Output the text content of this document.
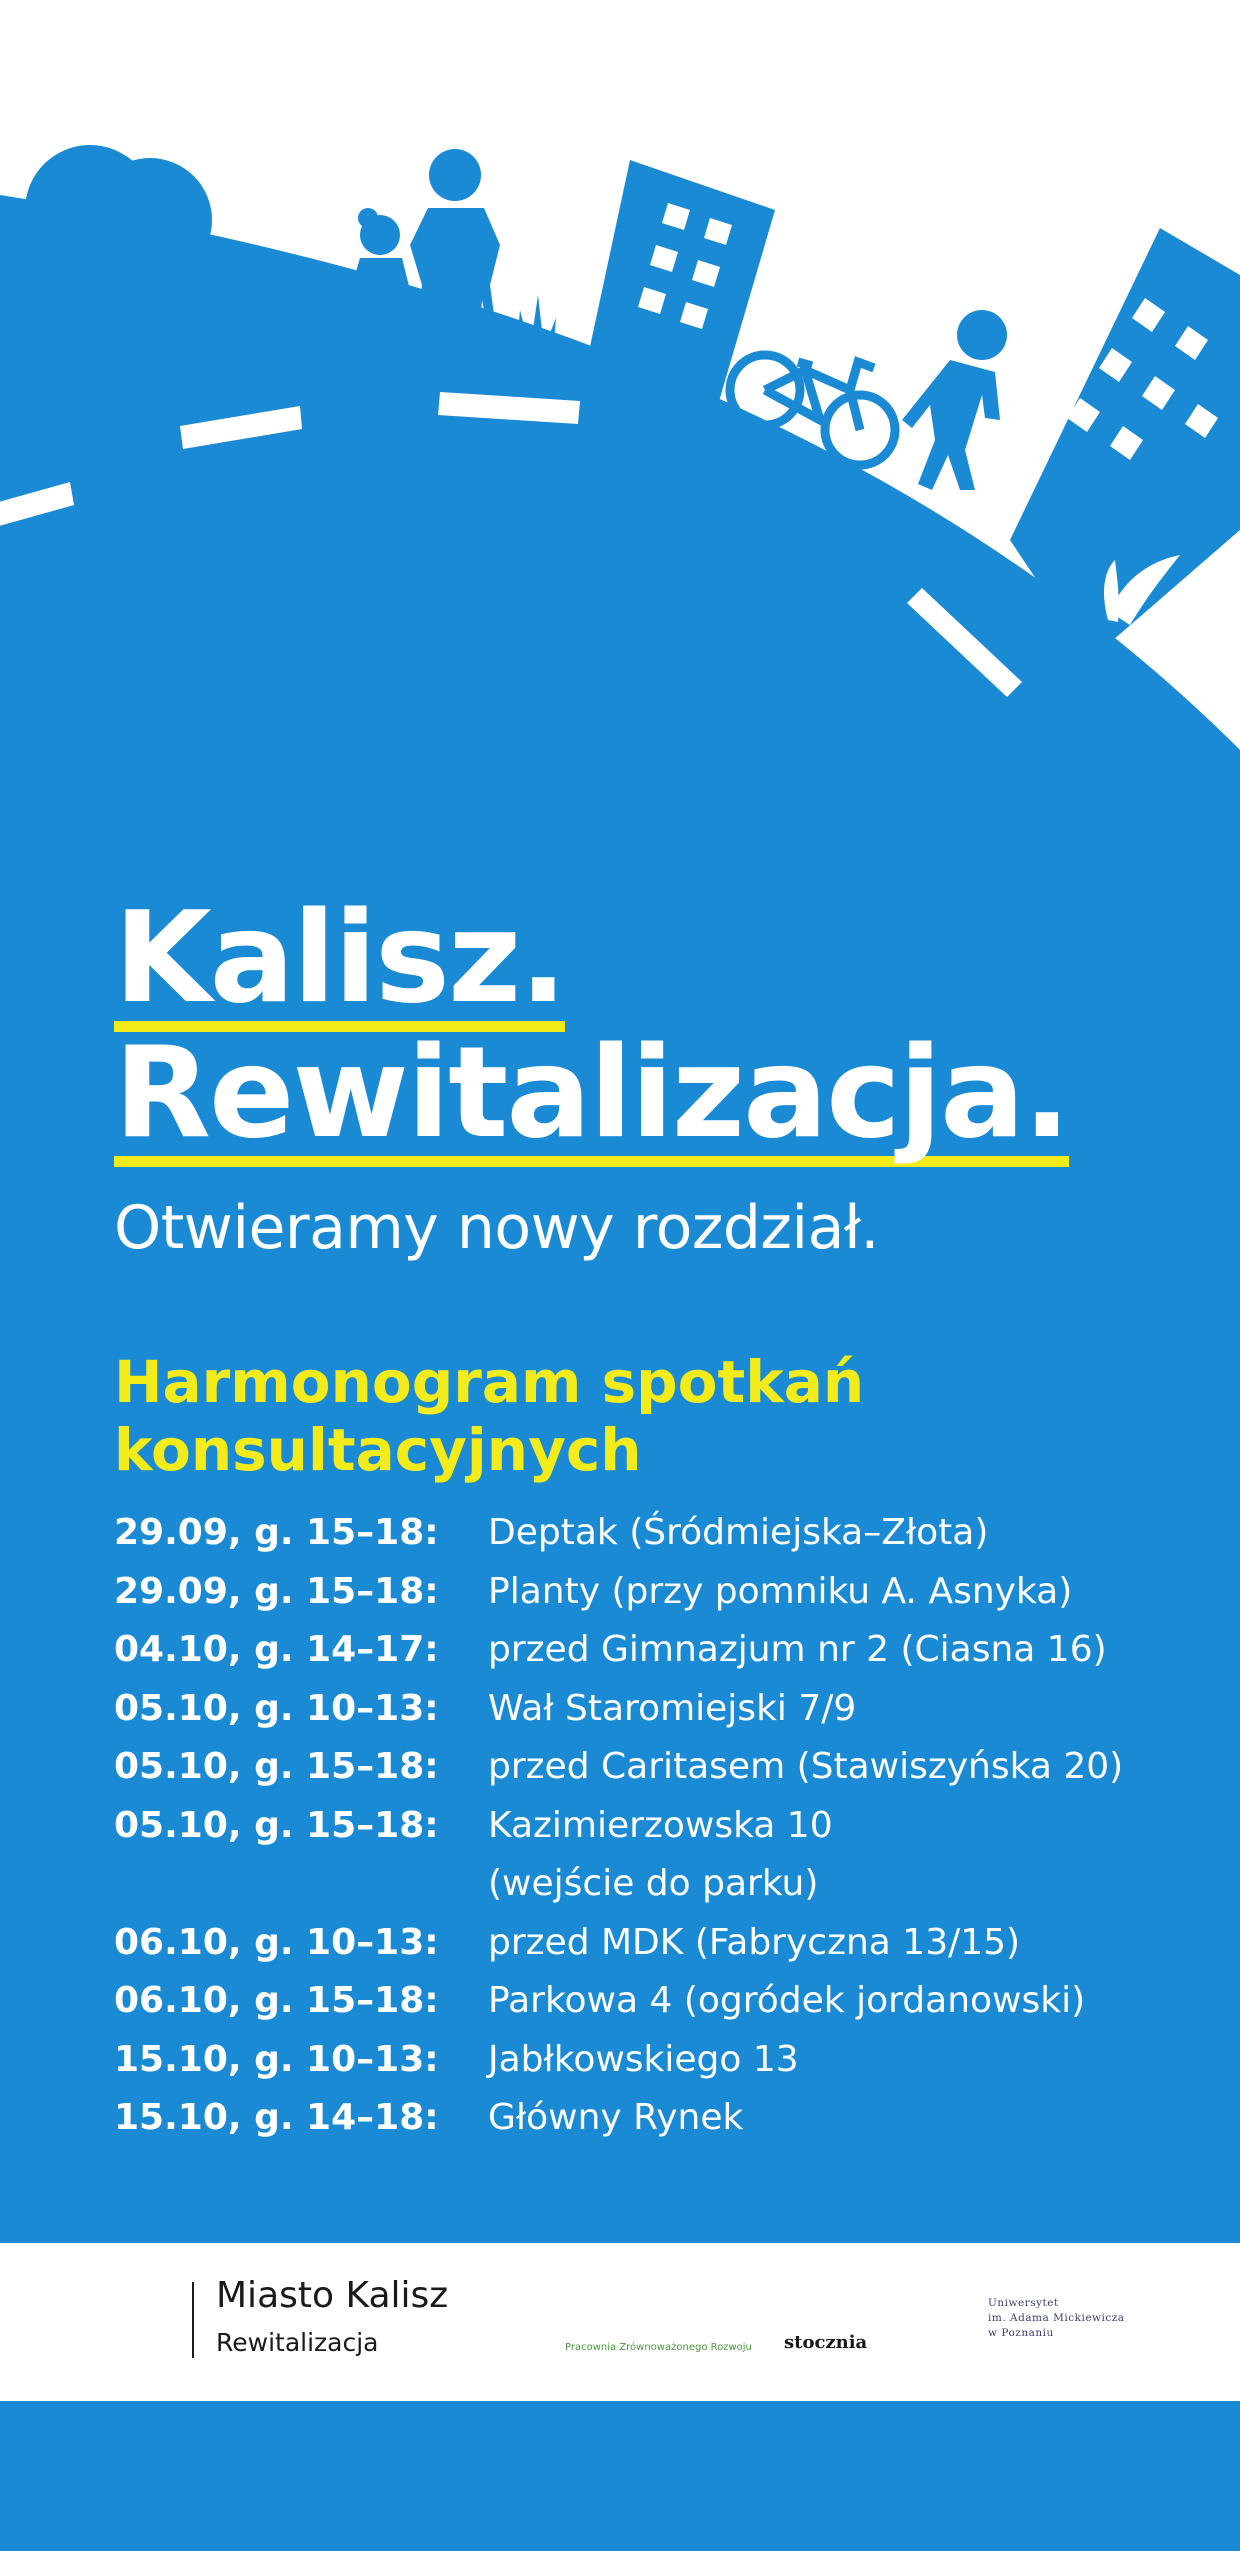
Kalisz.
Rewitalizacja.

Otwieramy nowy rozdział.

Harmonogram spotkań konsultacyjnych
29.09, g. 15–18: Deptak (Śródmiejska–Złota)
29.09, g. 15–18: Planty (przy pomniku A. Asnyka)
04.10, g. 14–17: przed Gimnazjum nr 2 (Ciasna 16)
05.10, g. 10–13: Wał Staromiejski 7/9
05.10, g. 15–18: przed Caritasem (Stawiszyńska 20)
05.10, g. 15–18: Kazimierzowska 10
(wejście do parku)
06.10, g. 10–13: przed MDK (Fabryczna 13/15)
06.10, g. 15–18: Parkowa 4 (ogródek jordanowski)
15.10, g. 10–13: Jabłkowskiego 13
15.10, g. 14–18: Główny Rynek
Miasto Kalisz
Rewitalizacja	Pracownia Zrównoważonego Rozwoju stocznia
Uniwersytet
im. Adama Mickiewicza
w Poznaniu
